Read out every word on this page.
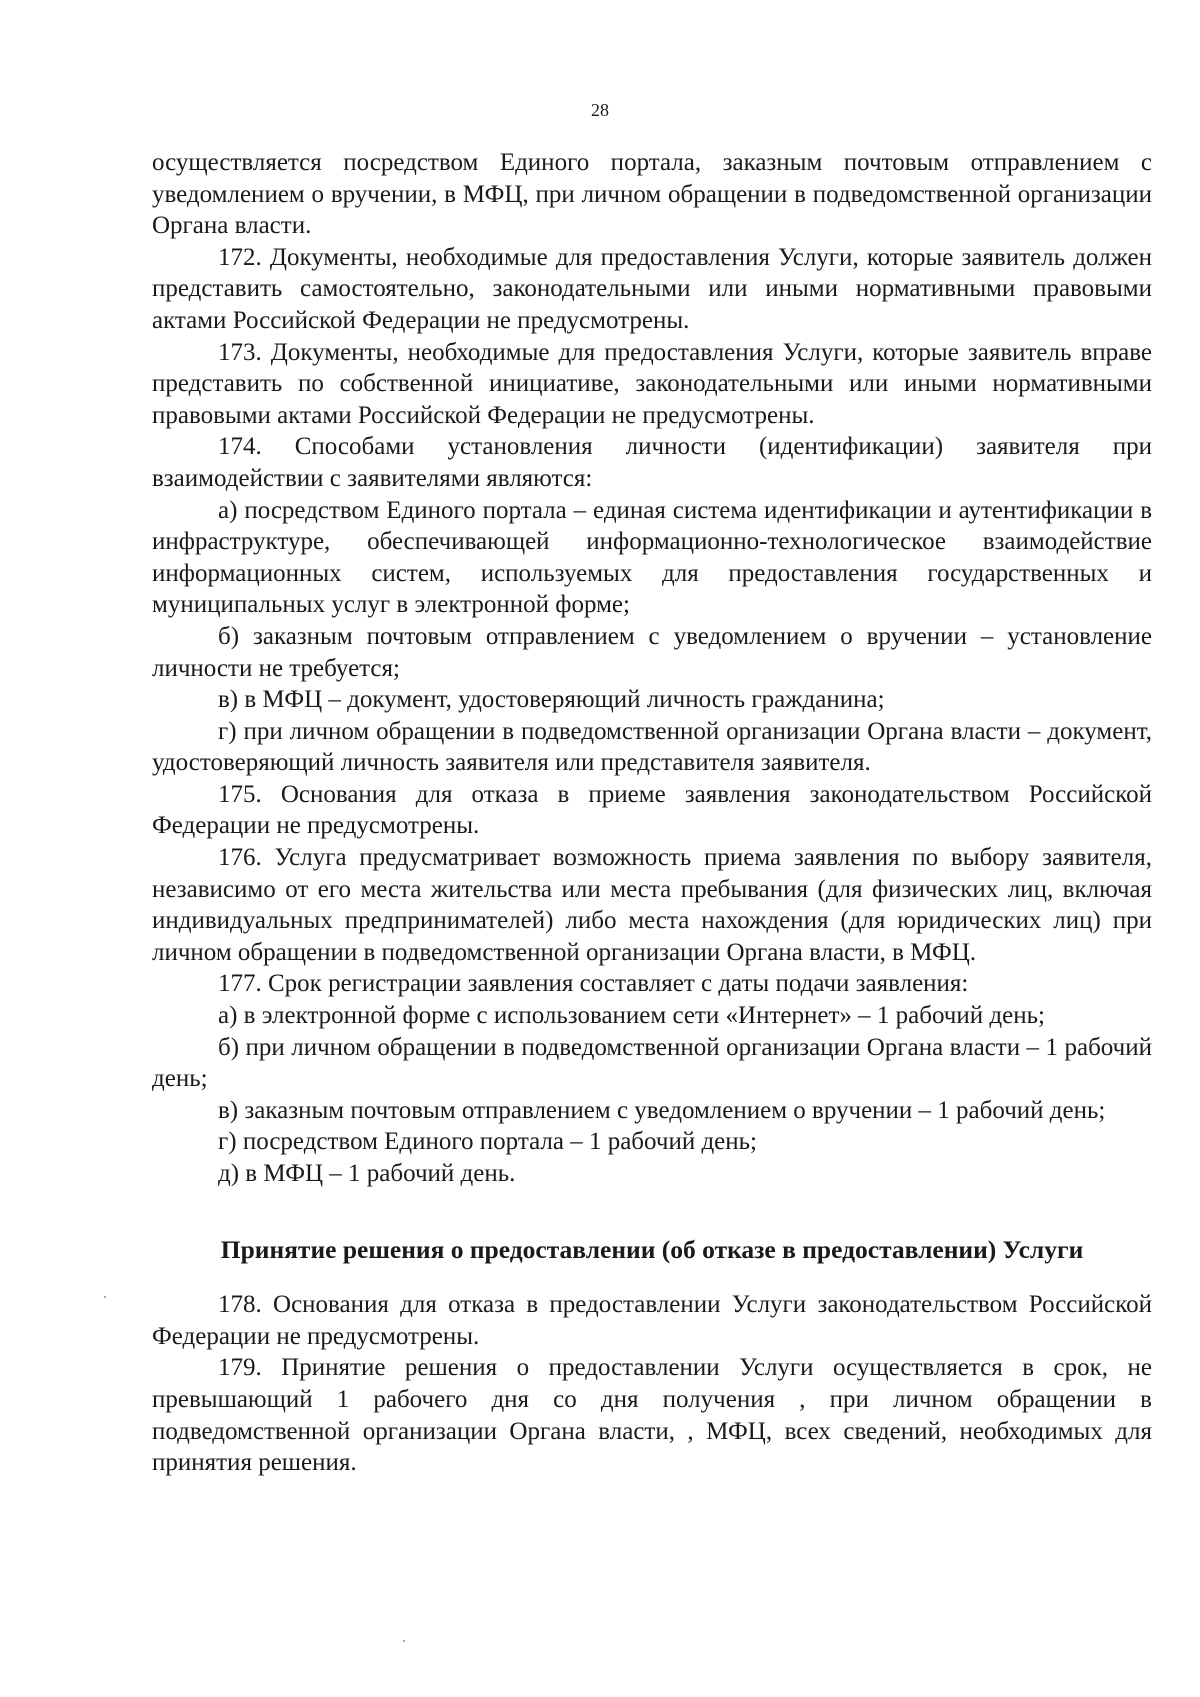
28

осуществляется посредством Единого портала, заказным почтовым отправлением с уведомлением о вручении, в МФЦ, при личном обращении в подведомственной организации Органа власти.

172. Документы, необходимые для предоставления Услуги, которые заявитель должен представить самостоятельно, законодательными или иными нормативными правовыми актами Российской Федерации не предусмотрены.

173. Документы, необходимые для предоставления Услуги, которые заявитель вправе представить по собственной инициативе, законодательными или иными нормативными правовыми актами Российской Федерации не предусмотрены.

174. Способами установления личности (идентификации) заявителя при взаимодействии с заявителями являются:

а) посредством Единого портала – единая система идентификации и аутентификации в инфраструктуре, обеспечивающей информационно-технологическое взаимодействие информационных систем, используемых для предоставления государственных и муниципальных услуг в электронной форме;

б) заказным почтовым отправлением с уведомлением о вручении – установление личности не требуется;

в) в МФЦ – документ, удостоверяющий личность гражданина;

г) при личном обращении в подведомственной организации Органа власти – документ, удостоверяющий личность заявителя или представителя заявителя.

175. Основания для отказа в приеме заявления законодательством Российской Федерации не предусмотрены.

176. Услуга предусматривает возможность приема заявления по выбору заявителя, независимо от его места жительства или места пребывания (для физических лиц, включая индивидуальных предпринимателей) либо места нахождения (для юридических лиц) при личном обращении в подведомственной организации Органа власти, в МФЦ.

177. Срок регистрации заявления составляет с даты подачи заявления:

а) в электронной форме с использованием сети «Интернет» – 1 рабочий день;

б) при личном обращении в подведомственной организации Органа власти – 1 рабочий день;

в) заказным почтовым отправлением с уведомлением о вручении – 1 рабочий день;

г) посредством Единого портала – 1 рабочий день;

д) в МФЦ – 1 рабочий день.

Принятие решения о предоставлении (об отказе в предоставлении) Услуги

178. Основания для отказа в предоставлении Услуги законодательством Российской Федерации не предусмотрены.

179. Принятие решения о предоставлении Услуги осуществляется в срок, не превышающий 1 рабочего дня со дня получения , при личном обращении в подведомственной организации Органа власти, , МФЦ, всех сведений, необходимых для принятия решения.
